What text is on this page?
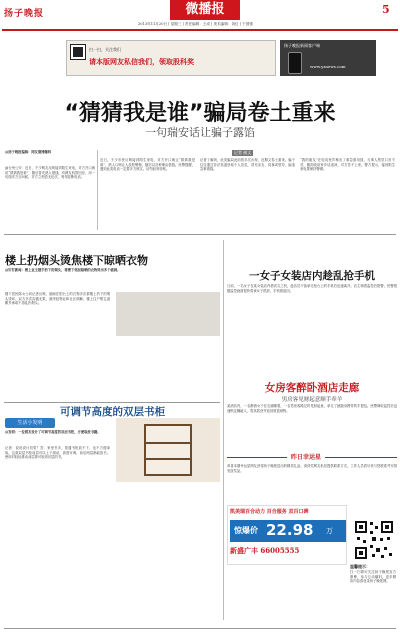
扬子晚报	微播报
2013年11月20日 | 星期三 | 责任编辑：王成 | 美术编辑：刘红 | 于国强
5
扫一扫，关注我们
请本版网友私信我们，领取股科奖
扬子晚报新闻客户端
www.yznews.com
“猜猜我是谁”骗局卷土重来
一句瑞安话让骗子露馅
@扬子晚报编辑：网友微博爆料
@台州公安：近日，不少网友反映接到陌生来电，对方开口就说“猜猜我是谁”，随后冒充熟人借钱。有网友机智回应，用一句瑞安方言问候，对方立刻语无伦次，匆匆挂断电话。
记者 储文
近日，不少市民反映接到陌生来电，对方开口就让“猜猜我是谁”，熟人口吻让人放松警惕，随后以各种理由借钱。民警提醒，遇到此类电话一定要多方核实，切勿轻易转账。
记者了解到，此类骗局此前曾多次出现，近期又卷土重来。骗子往往通过非法渠道获取个人信息，冒充亲友、同事或领导，编造急事借钱。
“我的朋友”在电话里声称出了事急需用钱，当事人察觉口音不对，随即改用家乡话追问，对方答不上来。警方提示，接到陌生来电要保持警惕。
楼上扔烟头烫焦楼下晾晒衣物
@钉钉新闻：楼上业主随手扔下的烟头，将楼下邻居晾晒的衣物烫出多个破洞。
楼下居民陈女士向记者反映，她晾在阳台上的衣物多次被楼上扔下的烟头烫坏。双方多次沟通无果，最终经物业和社区调解，楼上住户赔礼道歉并承诺不再乱扔烟头。
一女子女装店内趁乱抢手机
日前，一名女子在某女装店内借试衣之机，趁店员不备拿走柜台上的手机后迅速离开。店主调看监控后报警，民警根据监控画面很快将该女子抓获，手机被追回。
女房客醉卧酒店走廊
男房客见财起意顺手牵羊
某酒店内，一名醉酒女子在走廊睡着，一名男房客路过时见财起意，拿走了她随身携带的手提包。民警调取监控后迅速锁定嫌疑人，将其抓获并追回被盗财物。
可调节高度的双层书柜
生活小发明
@发明：一位网友设计了可调节高度的双层书柜，方便取放书籍。
记者：说说设计初衷？答：家里书多，普通书柜放不下，也不方便拿取。这款双层书柜前层可以上下滑动，高度可调，前后两层都能放书。使用时轻轻推动前层即可取到后层的书。	昨日幸运星
恭喜本期幸运星网友获得扬子晚报送出的精美礼品。请获奖网友私信提供联系方式，工作人员将尽快与您联系并安排发放奖品。
凯美瑞百合动力 百合服务 双百口碑
惊爆价 22.98 万
新盛广丰 66005555
温馨提示：
扫一扫即可关注扬子晚报官方微博，参与互动爆料，更多精彩内容请登录扬子晚报网。
